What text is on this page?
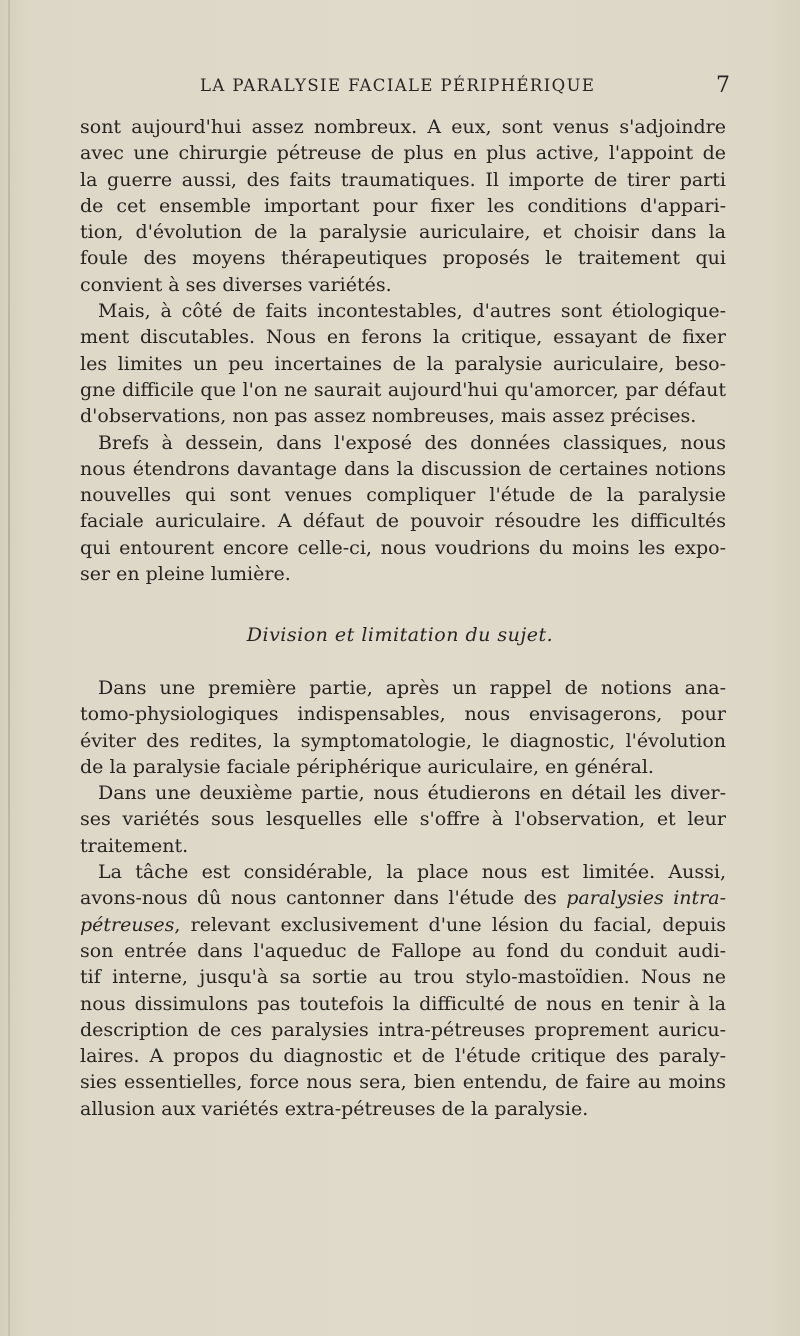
LA PARALYSIE FACIALE PÉRIPHÉRIQUE	7
sont aujourd'hui assez nombreux. A eux, sont venus s'adjoindre
avec une chirurgie pétreuse de plus en plus active, l'appoint de
la guerre aussi, des faits traumatiques. Il importe de tirer parti
de cet ensemble important pour fixer les conditions d'appari-
tion, d'évolution de la paralysie auriculaire, et choisir dans la
foule des moyens thérapeutiques proposés le traitement qui
convient à ses diverses variétés.
Mais, à côté de faits incontestables, d'autres sont étiologique-
ment discutables. Nous en ferons la critique, essayant de fixer
les limites un peu incertaines de la paralysie auriculaire, beso-
gne difficile que l'on ne saurait aujourd'hui qu'amorcer, par défaut
d'observations, non pas assez nombreuses, mais assez précises.
Brefs à dessein, dans l'exposé des données classiques, nous
nous étendrons davantage dans la discussion de certaines notions
nouvelles qui sont venues compliquer l'étude de la paralysie
faciale auriculaire. A défaut de pouvoir résoudre les difficultés
qui entourent encore celle-ci, nous voudrions du moins les expo-
ser en pleine lumière.
Division et limitation du sujet.
Dans une première partie, après un rappel de notions ana-
tomo-physiologiques indispensables, nous envisagerons, pour
éviter des redites, la symptomatologie, le diagnostic, l'évolution
de la paralysie faciale périphérique auriculaire, en général.
Dans une deuxième partie, nous étudierons en détail les diver-
ses variétés sous lesquelles elle s'offre à l'observation, et leur
traitement.
La tâche est considérable, la place nous est limitée. Aussi,
avons-nous dû nous cantonner dans l'étude des paralysies intra-
pétreuses, relevant exclusivement d'une lésion du facial, depuis
son entrée dans l'aqueduc de Fallope au fond du conduit audi-
tif interne, jusqu'à sa sortie au trou stylo-mastoïdien. Nous ne
nous dissimulons pas toutefois la difficulté de nous en tenir à la
description de ces paralysies intra-pétreuses proprement auricu-
laires. A propos du diagnostic et de l'étude critique des paraly-
sies essentielles, force nous sera, bien entendu, de faire au moins
allusion aux variétés extra-pétreuses de la paralysie.
